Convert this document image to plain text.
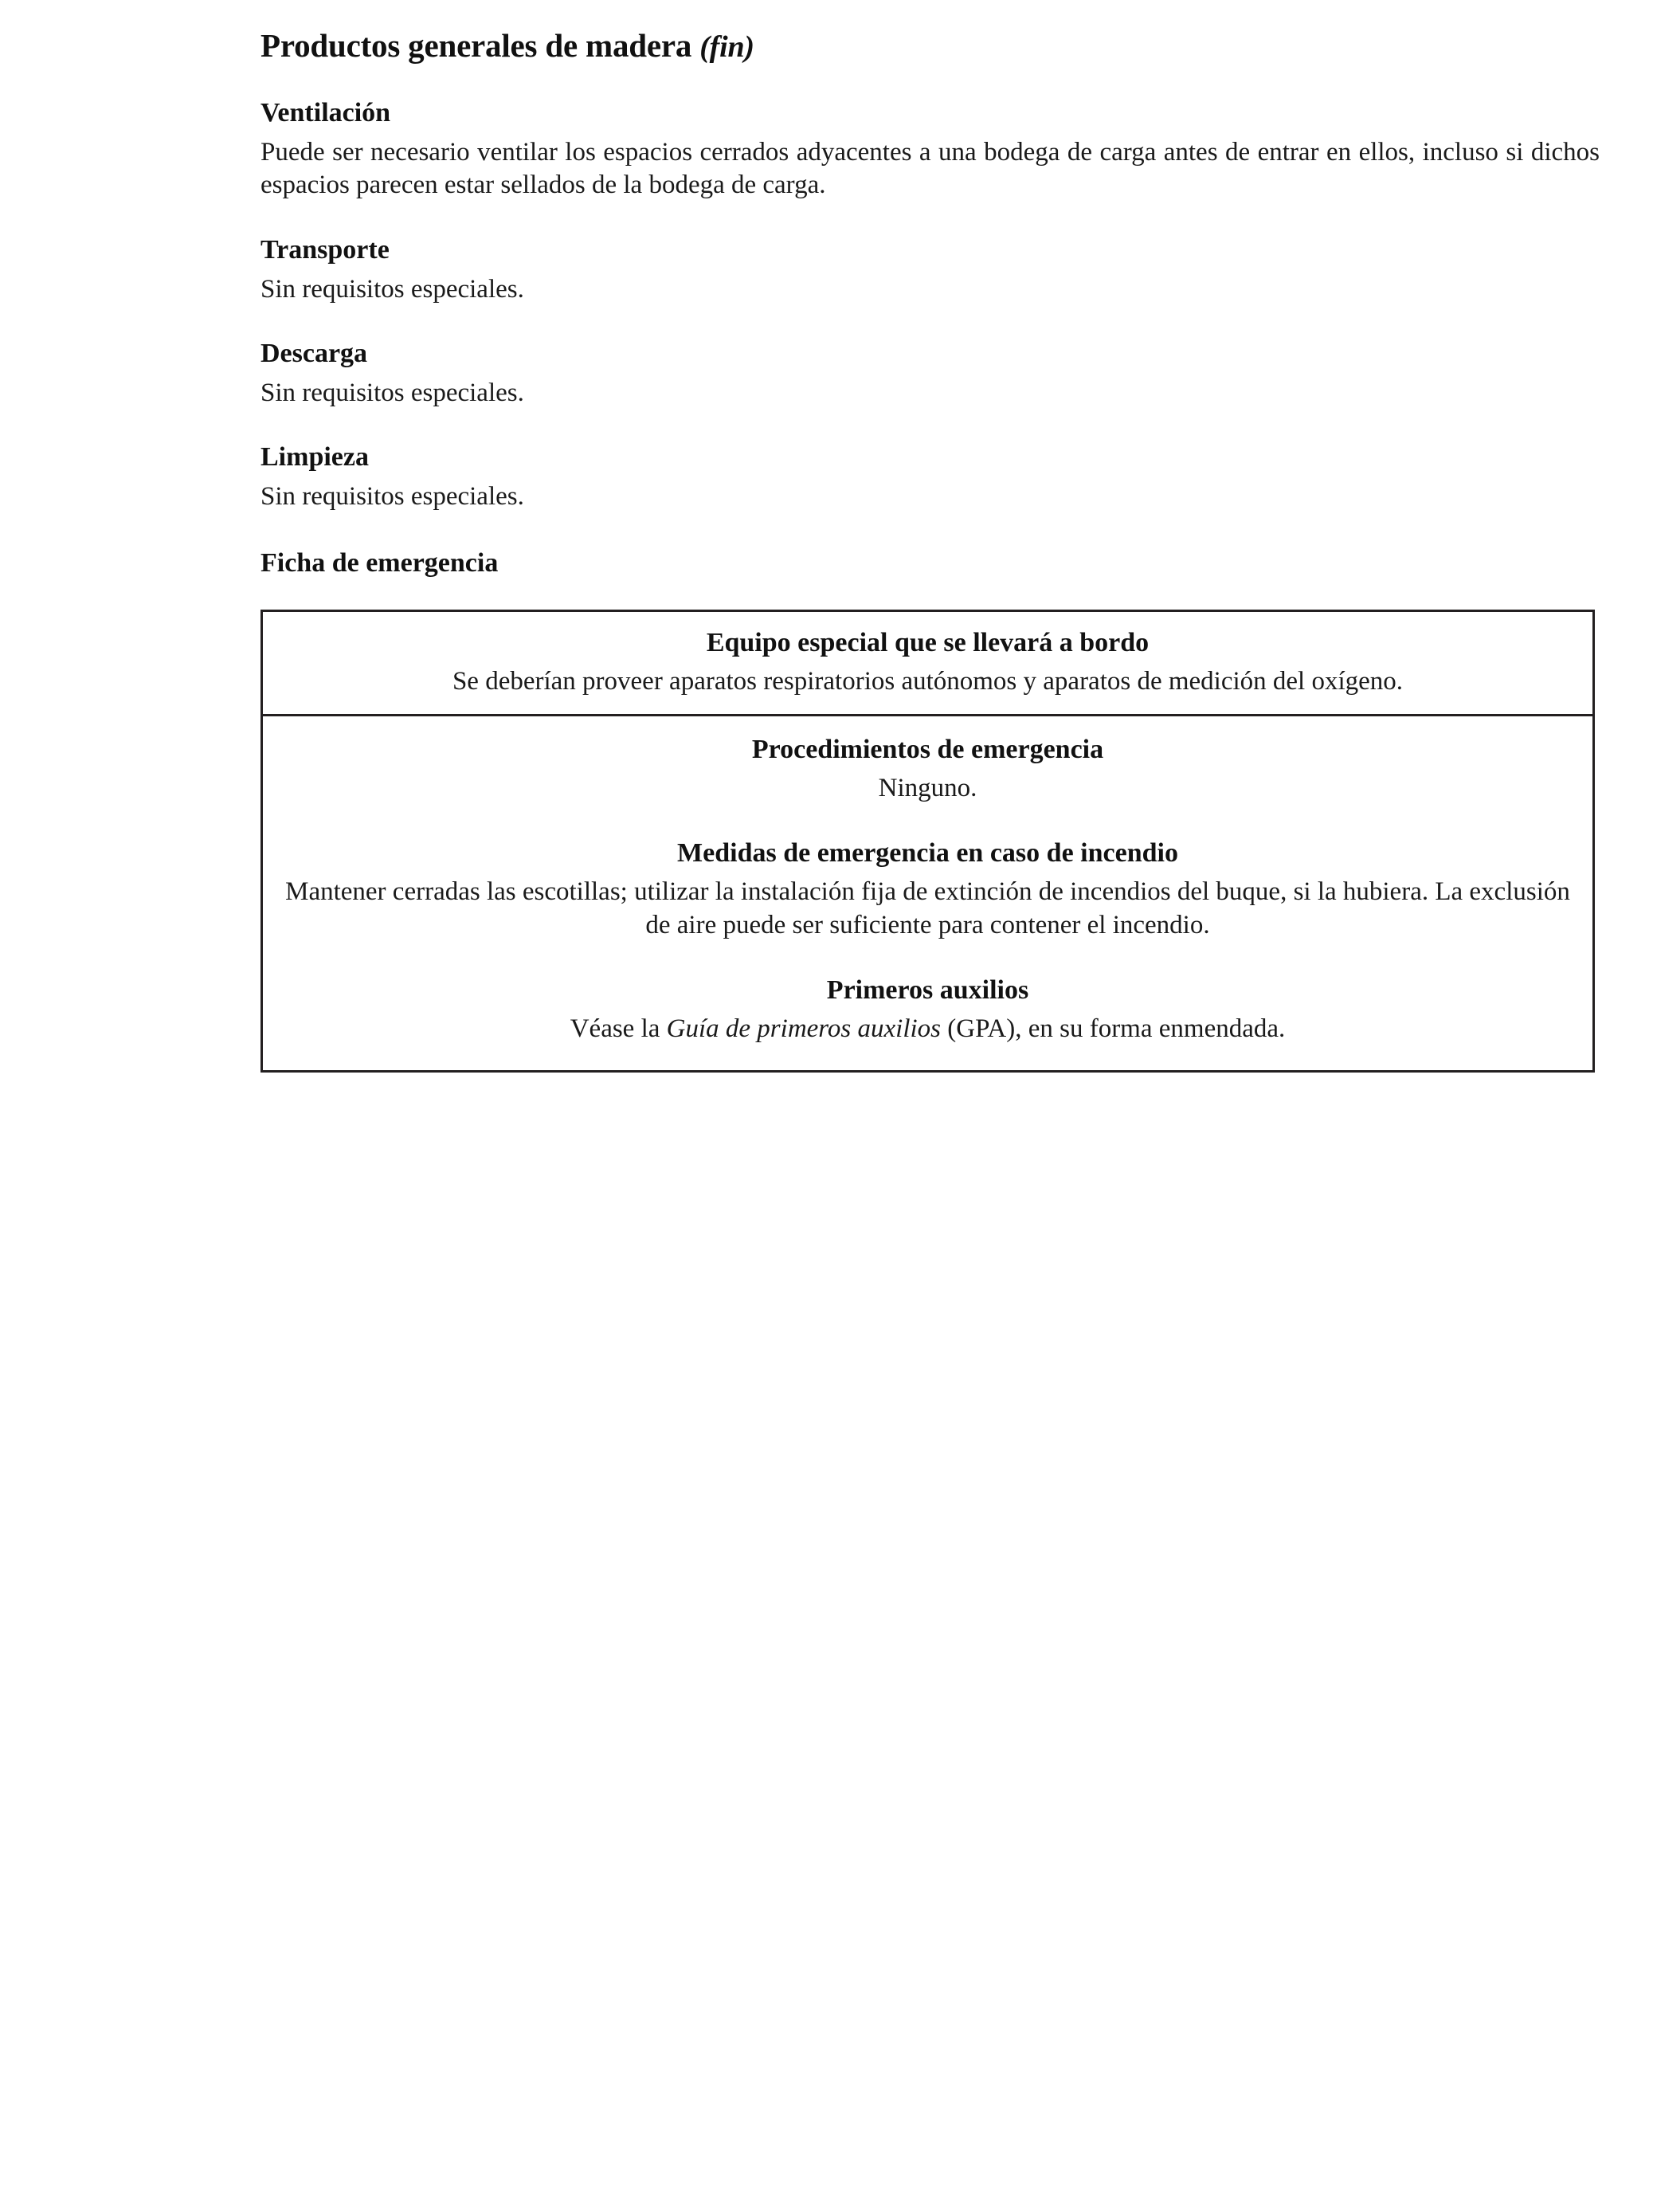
Productos generales de madera (fin)
Ventilación

Puede ser necesario ventilar los espacios cerrados adyacentes a una bodega de carga antes de entrar en ellos, incluso si dichos espacios parecen estar sellados de la bodega de carga.

Transporte

Sin requisitos especiales.

Descarga

Sin requisitos especiales.

Limpieza

Sin requisitos especiales.

Ficha de emergencia
Equipo especial que se llevará a bordo
Se deberían proveer aparatos respiratorios autónomos y aparatos de medición del oxígeno.
Procedimientos de emergencia
Ninguno.
Medidas de emergencia en caso de incendio
Mantener cerradas las escotillas; utilizar la instalación fija de extinción de incendios del buque, si la hubiera. La exclusión de aire puede ser suficiente para contener el incendio.
Primeros auxilios
Véase la Guía de primeros auxilios (GPA), en su forma enmendada.
